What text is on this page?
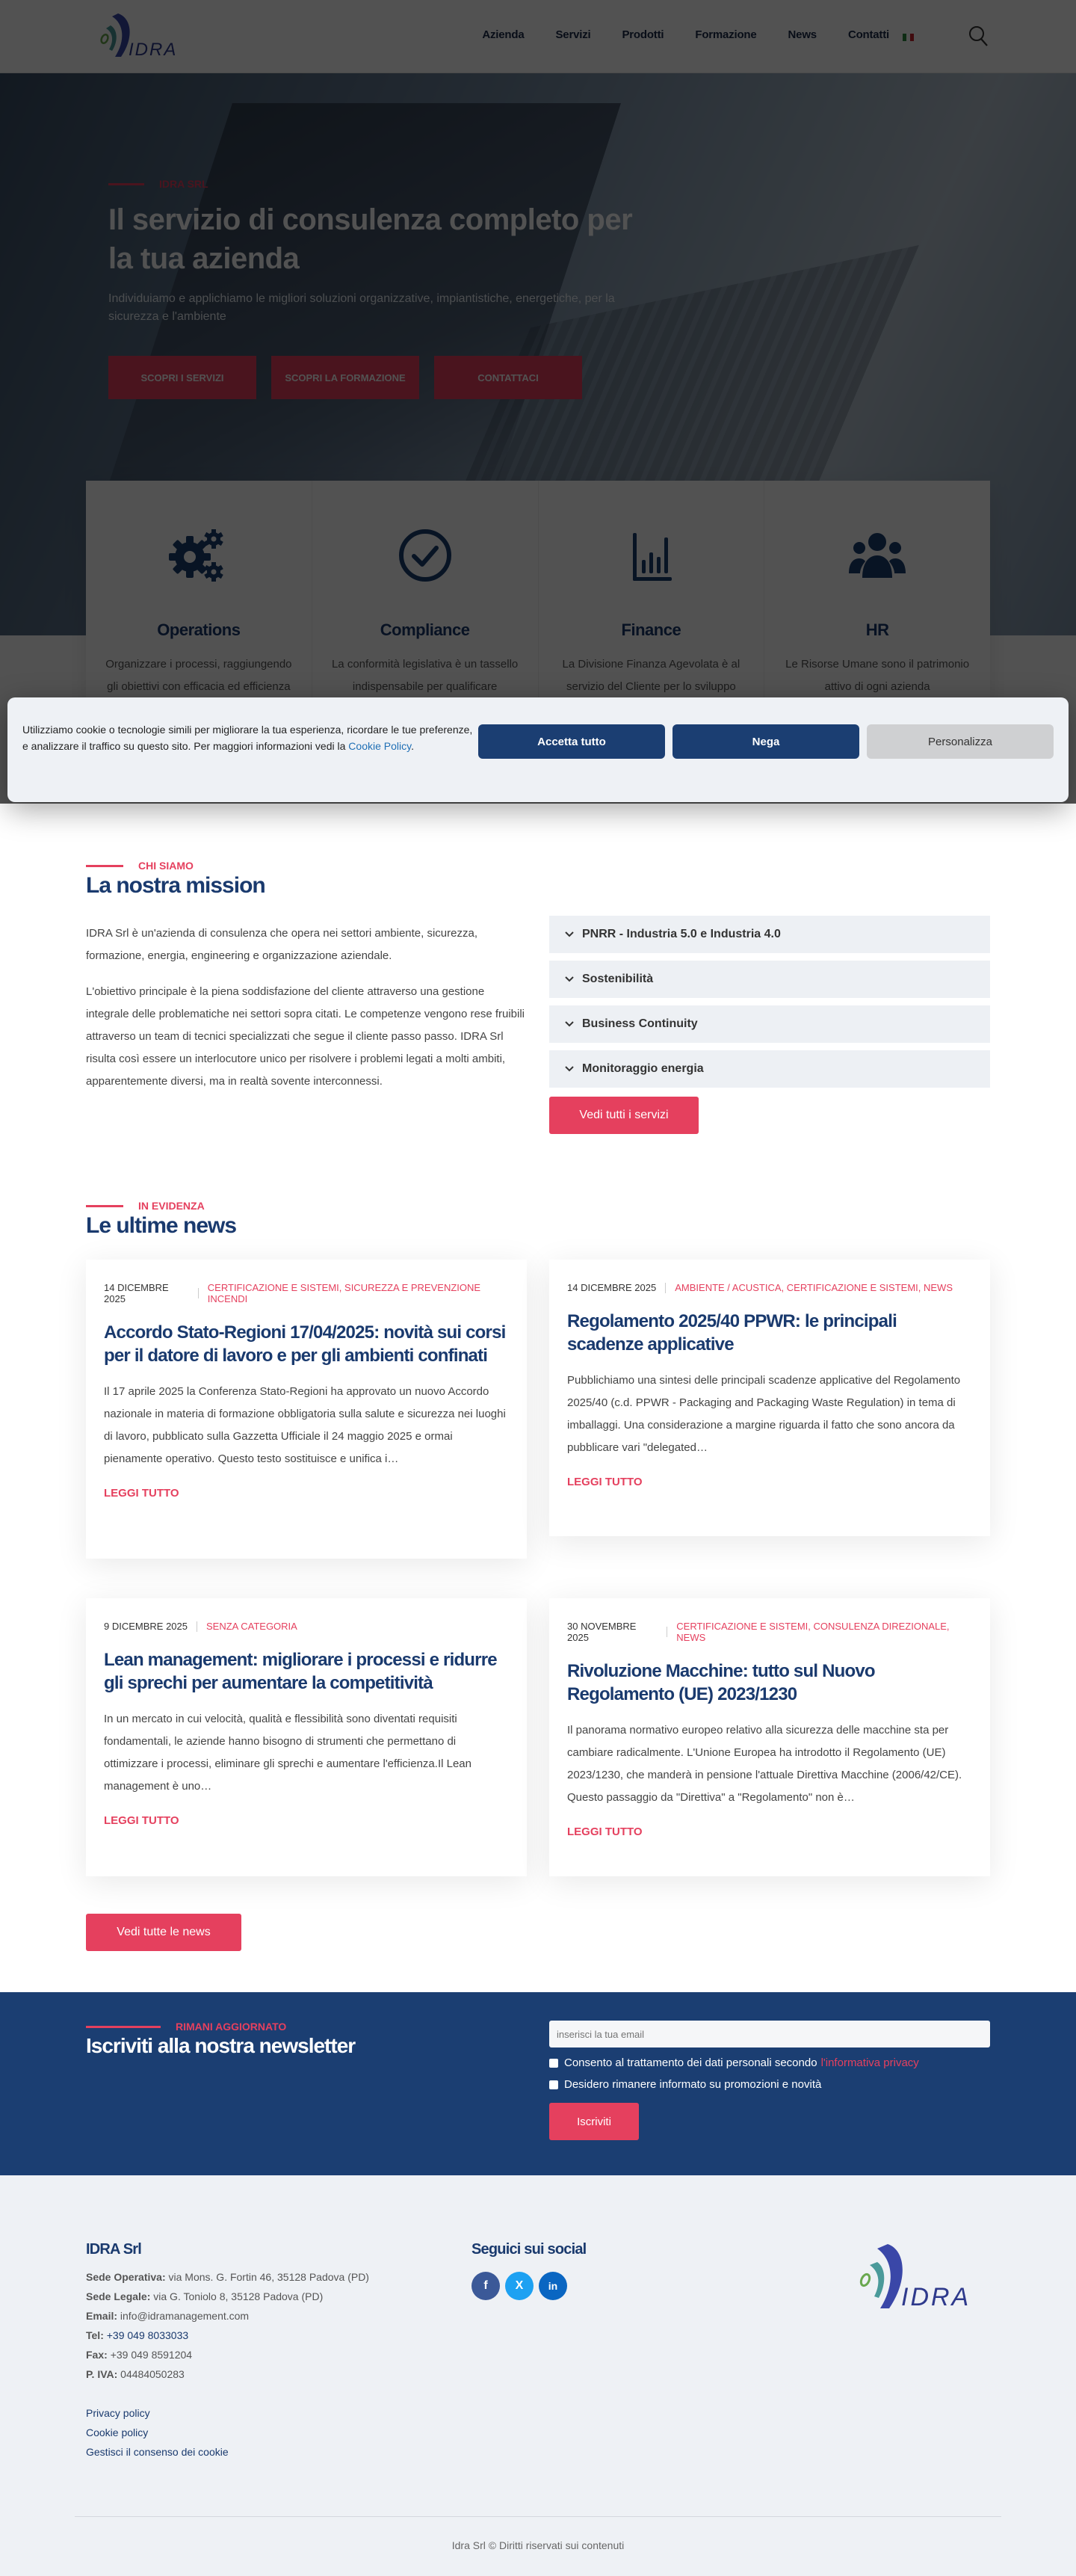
Utilizziamo cookie o tecnologie simili per migliorare la tua esperienza, ricordare le tue preferenze, e analizzare il traffico su questo sito. Per maggiori informazioni vedi la Cookie Policy.	Accetta tutto	Nega	Personalizza
CHI SIAMO
La nostra mission

IDRA Srl è un'azienda di consulenza che opera nei settori ambiente, sicurezza, formazione, energia, engineering e organizzazione aziendale.

L'obiettivo principale è la piena soddisfazione del cliente attraverso una gestione integrale delle problematiche nei settori sopra citati. Le competenze vengono rese fruibili attraverso un team di tecnici specializzati che segue il cliente passo passo. IDRA Srl risulta così essere un interlocutore unico per risolvere i problemi legati a molti ambiti, apparentemente diversi, ma in realtà sovente interconnessi.

PNRR - Industria 5.0 e Industria 4.0
Sostenibilità
Business Continuity
Monitoraggio energia
Vedi tutti i servizi
IN EVIDENZA
Le ultime news
14 DICEMBRE 2025
CERTIFICAZIONE E SISTEMI, SICUREZZA E PREVENZIONE INCENDI
Accordo Stato-Regioni 17/04/2025: novità sui corsi per il datore di lavoro e per gli ambienti confinati

Il 17 aprile 2025 la Conferenza Stato-Regioni ha approvato un nuovo Accordo nazionale in materia di formazione obbligatoria sulla salute e sicurezza nei luoghi di lavoro, pubblicato sulla Gazzetta Ufficiale il 24 maggio 2025 e ormai pienamente operativo. Questo testo sostituisce e unifica i…

LEGGI TUTTO
14 DICEMBRE 2025 AMBIENTE / ACUSTICA, CERTIFICAZIONE E SISTEMI, NEWS
Regolamento 2025/40 PPWR: le principali scadenze applicative

Pubblichiamo una sintesi delle principali scadenze applicative del Regolamento 2025/40 (c.d. PPWR - Packaging and Packaging Waste Regulation) in tema di imballaggi. Una considerazione a margine riguarda il fatto che sono ancora da pubblicare vari "delegated…

LEGGI TUTTO
9 DICEMBRE 2025 SENZA CATEGORIA
Lean management: migliorare i processi e ridurre gli sprechi per aumentare la competitività

In un mercato in cui velocità, qualità e flessibilità sono diventati requisiti fondamentali, le aziende hanno bisogno di strumenti che permettano di ottimizzare i processi, eliminare gli sprechi e aumentare l'efficienza.Il Lean management è uno…

LEGGI TUTTO
30 NOVEMBRE 2025
CERTIFICAZIONE E SISTEMI, CONSULENZA DIREZIONALE, NEWS
Rivoluzione Macchine: tutto sul Nuovo Regolamento (UE) 2023/1230

Il panorama normativo europeo relativo alla sicurezza delle macchine sta per cambiare radicalmente. L'Unione Europea ha introdotto il Regolamento (UE) 2023/1230, che manderà in pensione l'attuale Direttiva Macchine (2006/42/CE). Questo passaggio da "Direttiva" a "Regolamento" non è…

LEGGI TUTTO
Vedi tutte le news
RIMANI AGGIORNATO
Iscriviti alla nostra newsletter
inserisci la tua email
Consento al trattamento dei dati personali secondo l'informativa privacy
Desidero rimanere informato su promozioni e novità
Iscriviti
IDRA Srl
Sede Operativa: via Mons. G. Fortin 46, 35128 Padova (PD)
Sede Legale: via G. Toniolo 8, 35128 Padova (PD)
Email: info@idramanagement.com
Tel: +39 049 8033033
Fax: +39 049 8591204
P. IVA: 04484050283
Privacy policy
Cookie policy
Gestisci il consenso dei cookie
Seguici sui social
f	X	in	IDRA
Idra Srl © Diritti riservati sui contenuti
